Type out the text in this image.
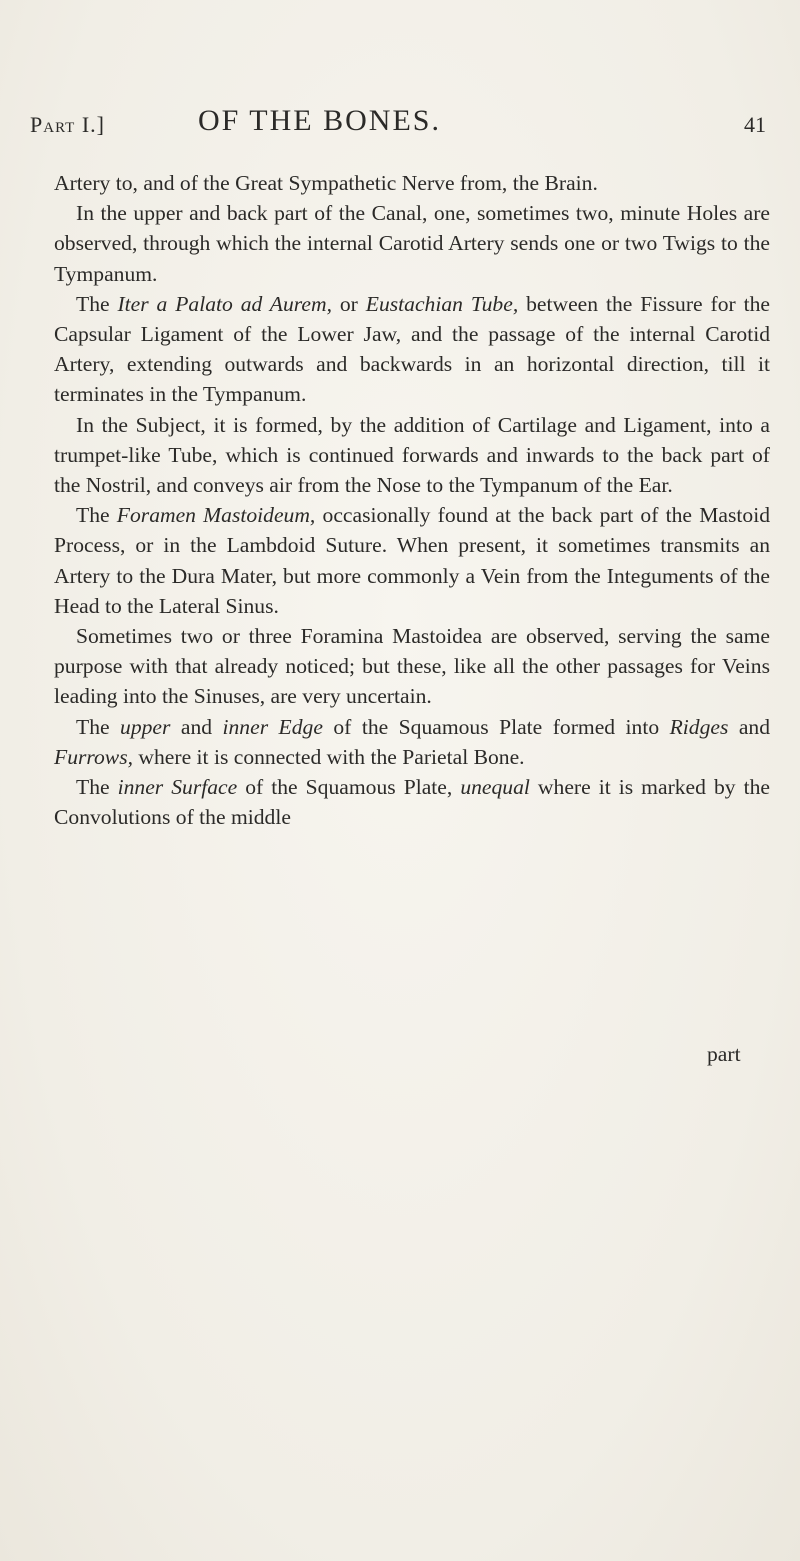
Part I.]	OF THE BONES.	41

Artery to, and of the Great Sympathetic Nerve from, the Brain.

In the upper and back part of the Canal, one, sometimes two, minute Holes are observed, through which the internal Carotid Artery sends one or two Twigs to the Tympanum.

The Iter a Palato ad Aurem, or Eustachian Tube, between the Fissure for the Capsular Ligament of the Lower Jaw, and the passage of the internal Carotid Artery, extending outwards and backwards in an horizontal direction, till it terminates in the Tympanum.

In the Subject, it is formed, by the addition of Cartilage and Ligament, into a trumpet-like Tube, which is continued forwards and inwards to the back part of the Nostril, and conveys air from the Nose to the Tympanum of the Ear.

The Foramen Mastoideum, occasionally found at the back part of the Mastoid Process, or in the Lambdoid Suture. When present, it sometimes transmits an Artery to the Dura Mater, but more commonly a Vein from the Integuments of the Head to the Lateral Sinus.

Sometimes two or three Foramina Mastoidea are observed, serving the same purpose with that already noticed; but these, like all the other passages for Veins leading into the Sinuses, are very uncertain.

The upper and inner Edge of the Squamous Plate formed into Ridges and Furrows, where it is connected with the Parietal Bone.

The inner Surface of the Squamous Plate, unequal where it is marked by the Convolutions of the middle

part
